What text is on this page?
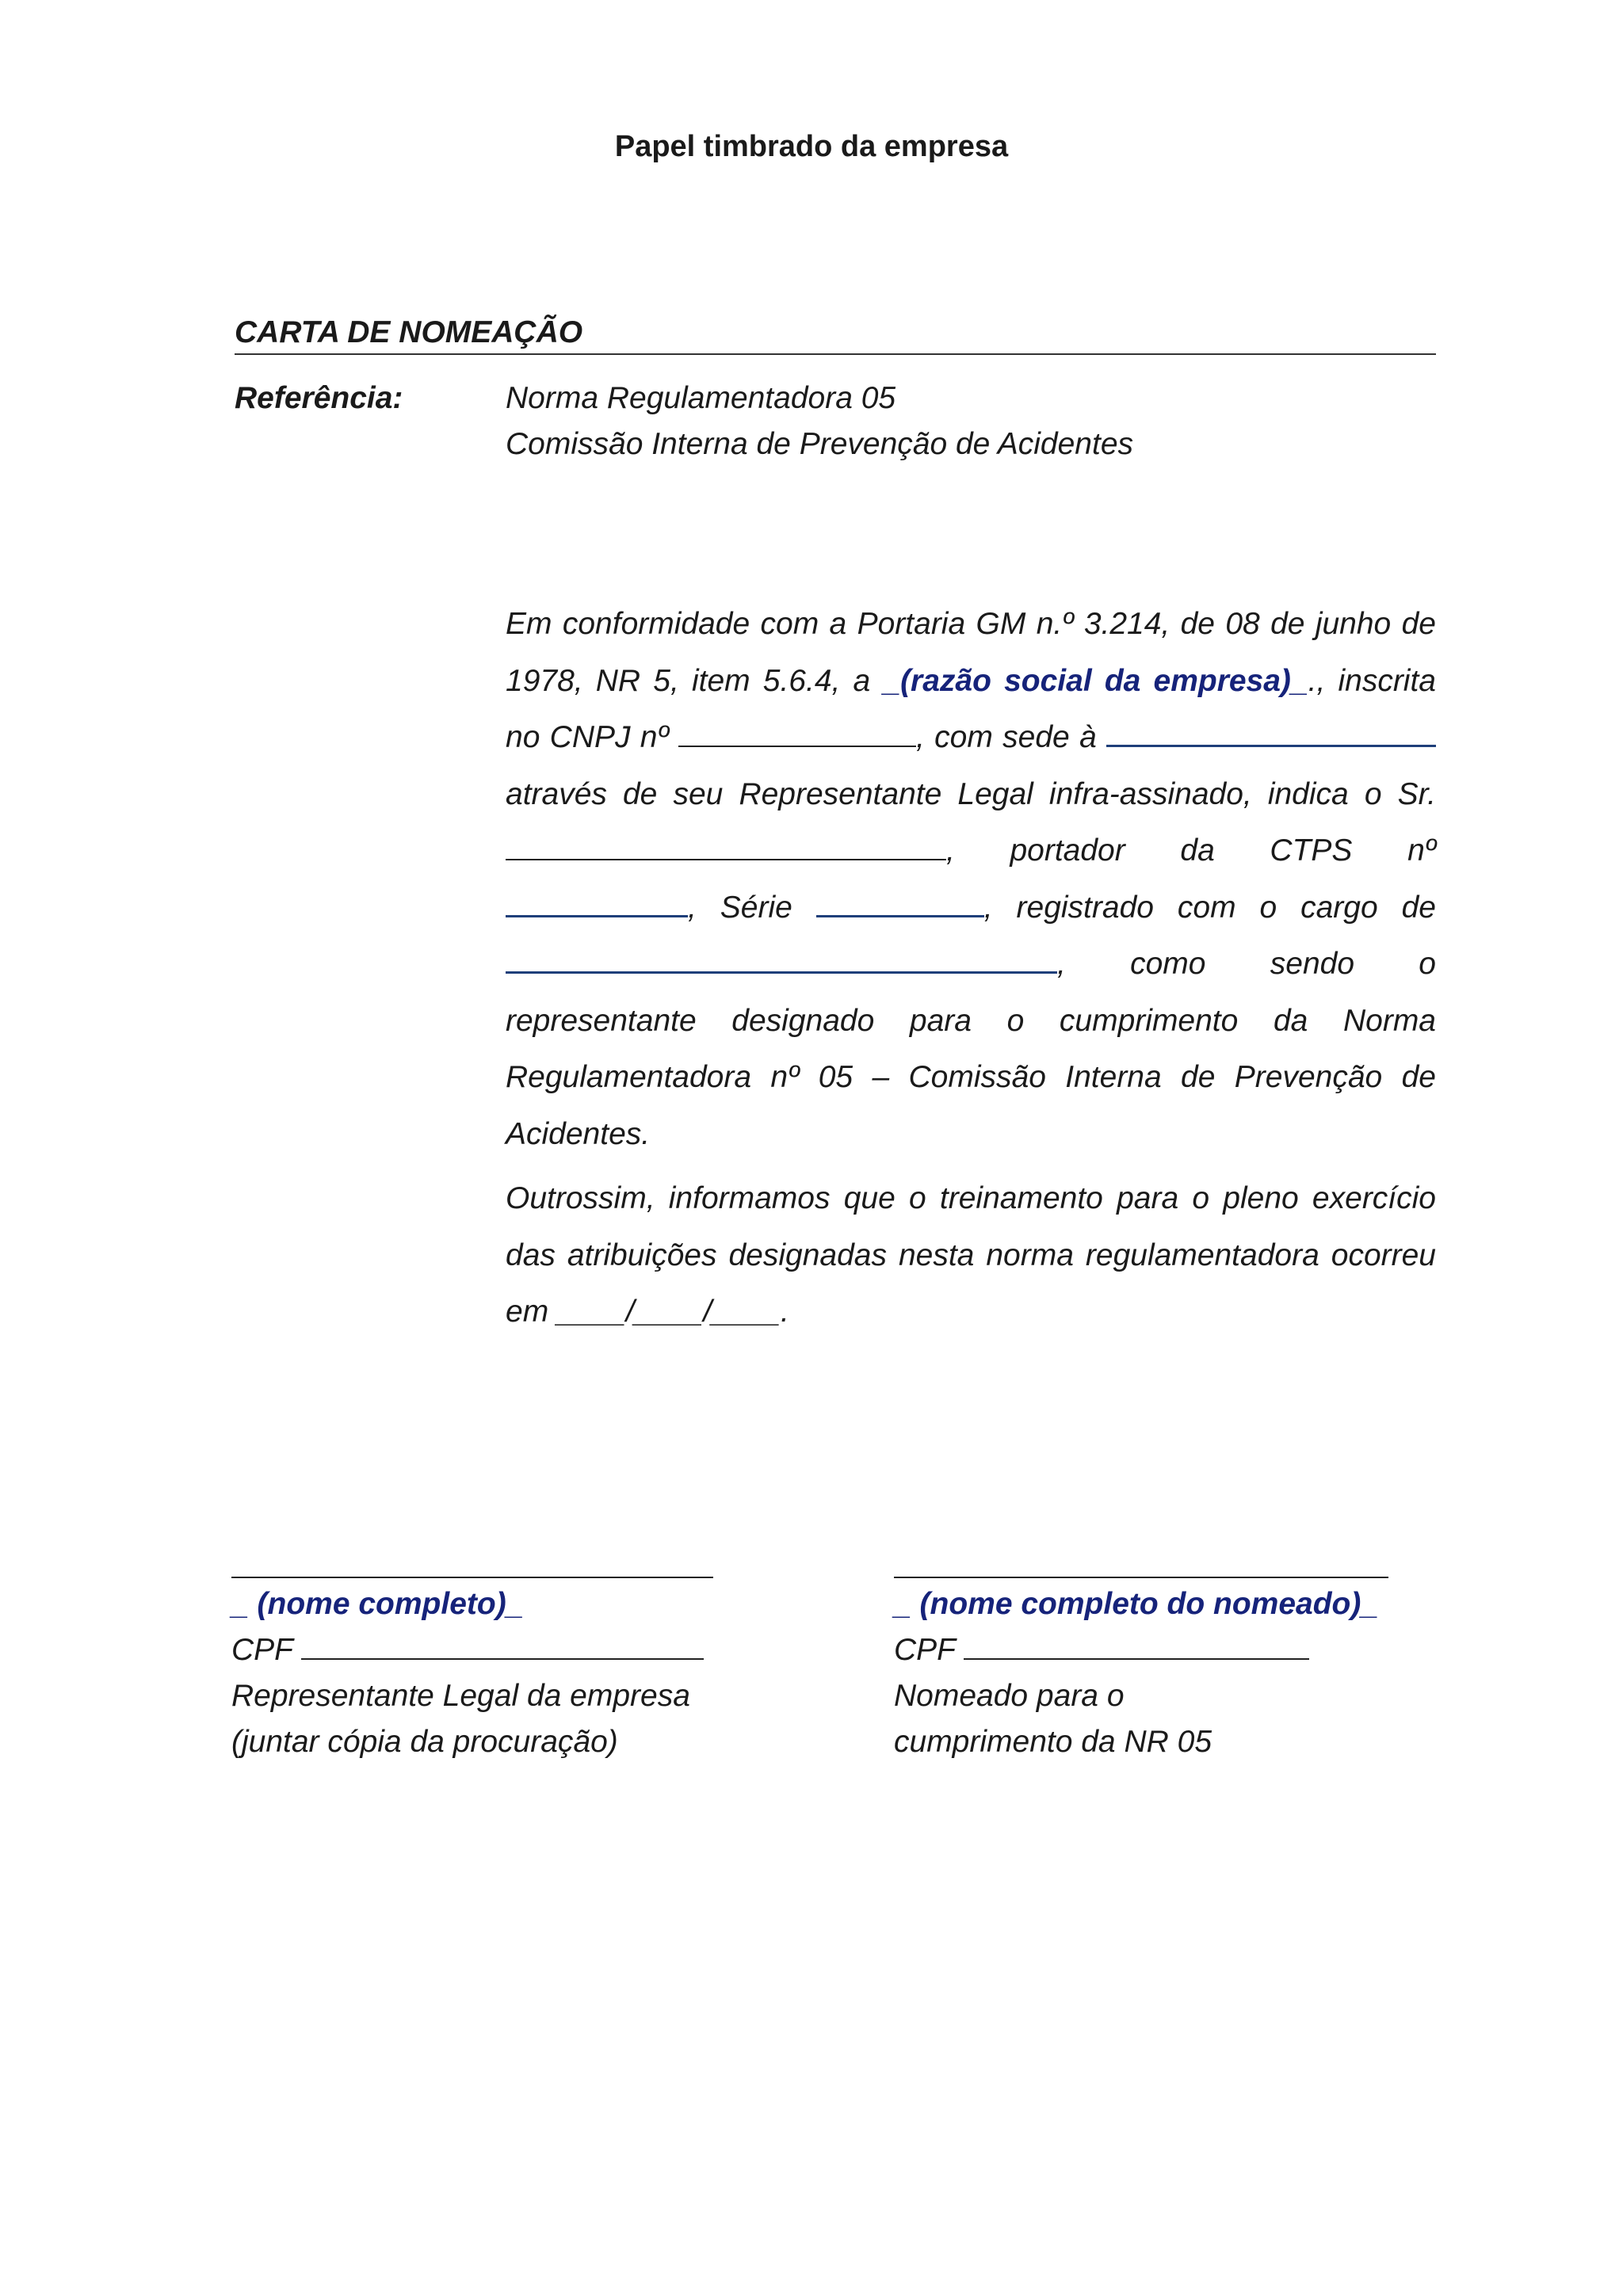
Papel timbrado da empresa
CARTA DE NOMEAÇÃO
Referência:	Norma Regulamentadora 05
Comissão Interna de Prevenção de Acidentes

Em conformidade com a Portaria GM n.º 3.214, de 08 de junho de 1978, NR 5, item 5.6.4, a _(razão social da empresa)_., inscrita no CNPJ nº	, com sede à  através de seu Representante Legal infra-assinado, indica o Sr. , portador da CTPS nº , Série	, registrado com o cargo de , como sendo o representante designado para o cumprimento da Norma Regulamentadora nº 05 – Comissão Interna de Prevenção de Acidentes.

Outrossim, informamos que o treinamento para o pleno exercício das atribuições designadas nesta norma regulamentadora ocorreu em ____/____/____.

_ (nome completo)_
CPF
Representante Legal da empresa
(juntar cópia da procuração)
_ (nome completo do nomeado)_
CPF
Nomeado para o
cumprimento da NR 05
